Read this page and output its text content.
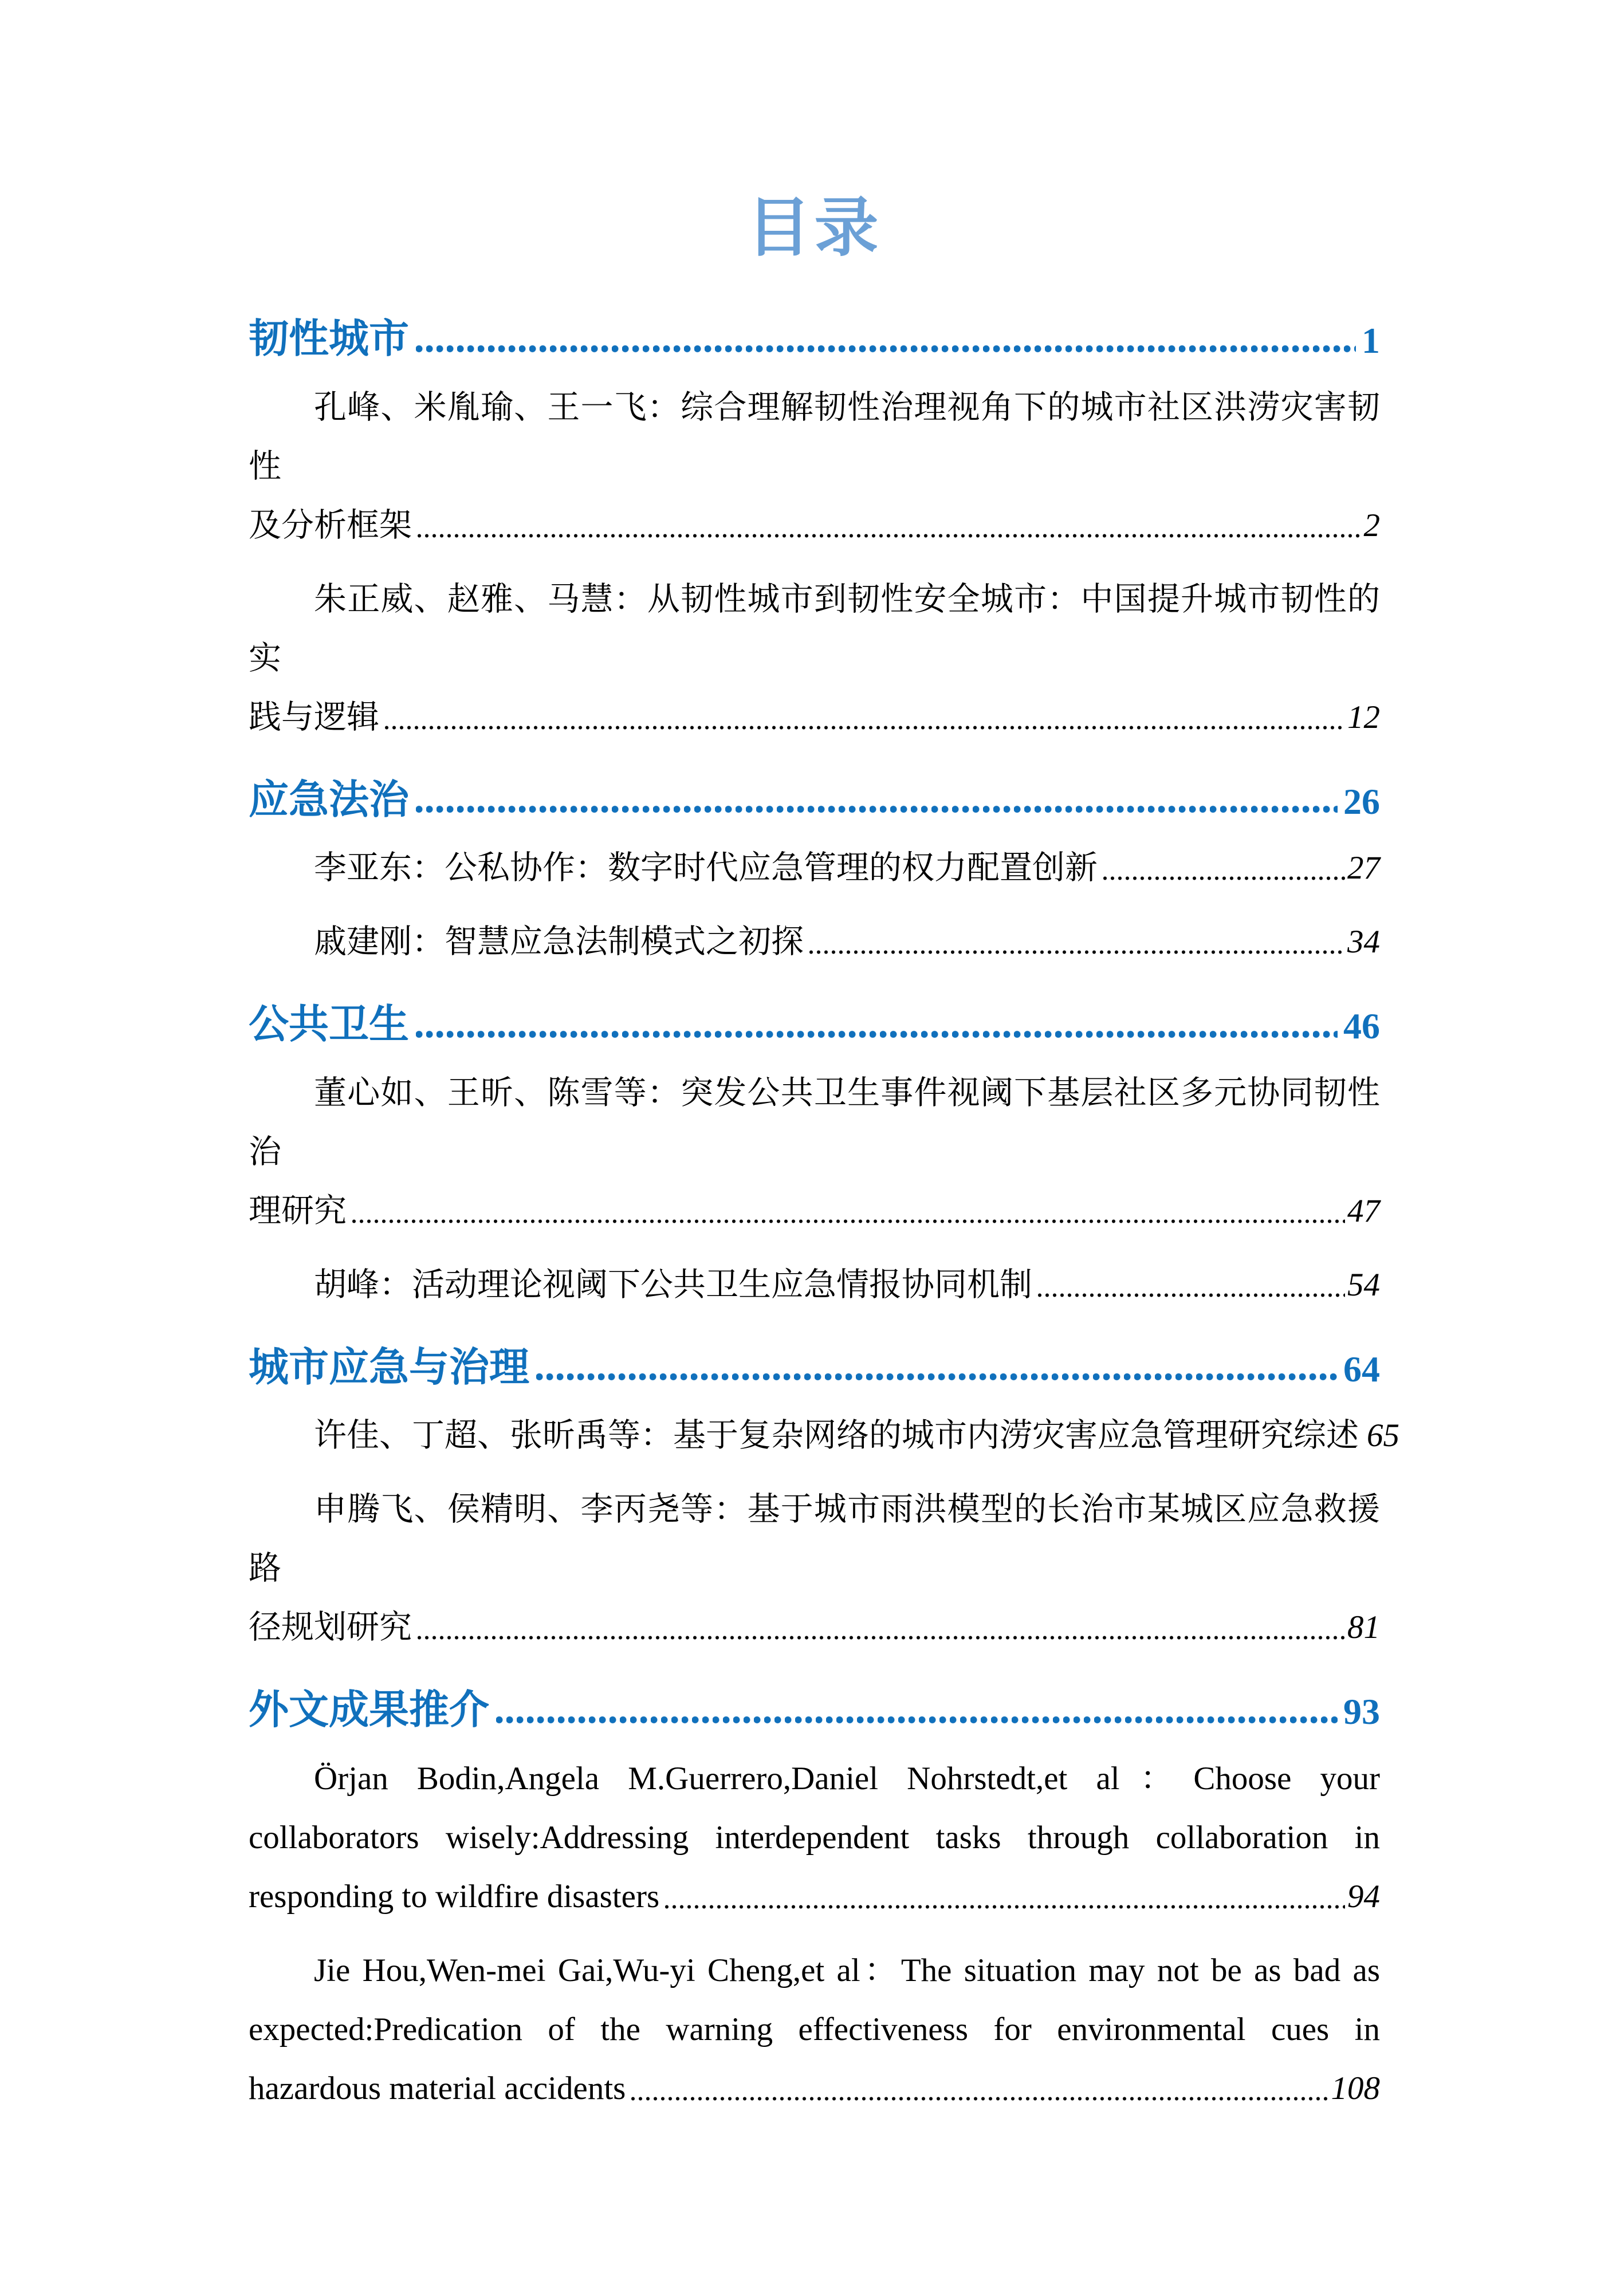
目录
韧性城市	1
孔峰、米胤瑜、王一飞：综合理解韧性治理视角下的城市社区洪涝灾害韧性
及分析框架	2
朱正威、赵雅、马慧：从韧性城市到韧性安全城市：中国提升城市韧性的实
践与逻辑	12
应急法治	26
李亚东：公私协作：数字时代应急管理的权力配置创新	27
戚建刚：智慧应急法制模式之初探	34
公共卫生	46
董心如、王昕、陈雪等：突发公共卫生事件视阈下基层社区多元协同韧性治
理研究	47
胡峰：活动理论视阈下公共卫生应急情报协同机制	54
城市应急与治理	64
许佳、丁超、张昕禹等：基于复杂网络的城市内涝灾害应急管理研究综述 65
申腾飞、侯精明、李丙尧等：基于城市雨洪模型的长治市某城区应急救援路
径规划研究	81
外文成果推介	93
Örjan Bodin,Angela M.Guerrero,Daniel Nohrstedt,et al：Choose your
collaborators wisely:Addressing interdependent tasks through collaboration in
responding to wildfire disasters	94
Jie Hou,Wen-mei Gai,Wu-yi Cheng,et al：The situation may not be as bad as
expected:Predication of the warning effectiveness for environmental cues in
hazardous material accidents	108
